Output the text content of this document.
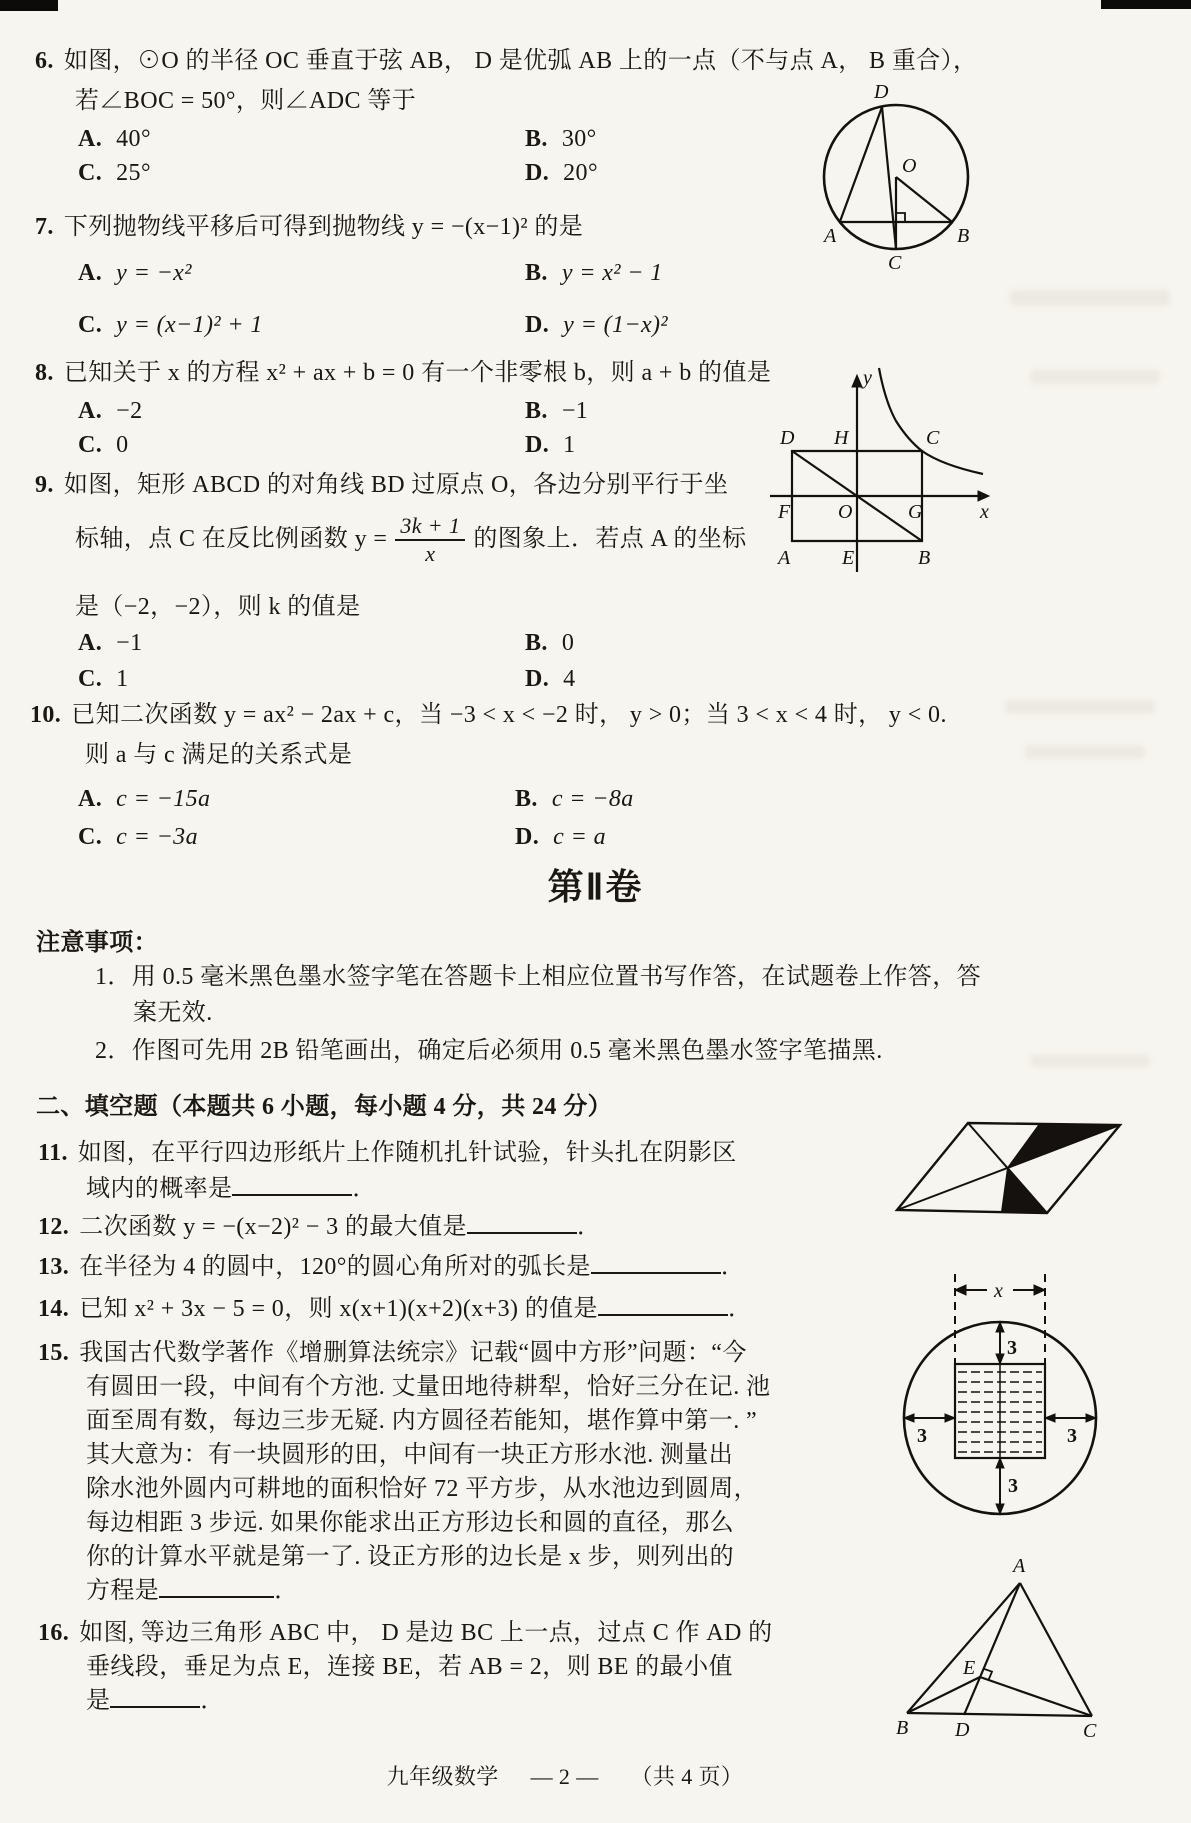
6. 如图，⊙O 的半径 OC 垂直于弦 AB， D 是优弧 AB 上的一点（不与点 A， B 重合），
若∠BOC = 50°，则∠ADC 等于
A. 40°	B. 30°
C. 25°	D. 20°
D
O
A	B
C
7. 下列抛物线平移后可得到抛物线 y = −(x−1)² 的是
A. y = −x²	B. y = x² − 1
C. y = (x−1)² + 1	D. y = (1−x)²
8. 已知关于 x 的方程 x² + ax + b = 0 有一个非零根 b，则 a + b 的值是
A. −2	B. −1
C. 0	D. 1
9. 如图，矩形 ABCD 的对角线 BD 过原点 O，各边分别平行于坐
标轴，点 C 在反比例函数 $y = \frac{3k + 1}{x}$ 的图象上．若点 A 的坐标
是（−2，−2），则 k 的值是
A. −1	B. 0
C. 1	D. 4
y
x
D H	C
F O	G
A	E	B
10. 已知二次函数 y = ax² − 2ax + c，当 −3 < x < −2 时， y > 0；当 3 < x < 4 时， y < 0.
则 a 与 c 满足的关系式是
A. c = −15a	B. c = −8a
C. c = −3a	D. c = a
第Ⅱ卷
注意事项：
1．用 0.5 毫米黑色墨水签字笔在答题卡上相应位置书写作答，在试题卷上作答，答
案无效.
2．作图可先用 2B 铅笔画出，确定后必须用 0.5 毫米黑色墨水签字笔描黑.
二、填空题（本题共 6 小题，每小题 4 分，共 24 分）
11. 如图，在平行四边形纸片上作随机扎针试验，针头扎在阴影区
域内的概率是	．
12. 二次函数 y = −(x−2)² − 3 的最大值是	．
13. 在半径为 4 的圆中，120°的圆心角所对的弧长是	．
14. 已知 x² + 3x − 5 = 0，则 x(x+1)(x+2)(x+3) 的值是	．
15. 我国古代数学著作《增删算法统宗》记载“圆中方形”问题：“今
有圆田一段，中间有个方池. 丈量田地待耕犁，恰好三分在记. 池
面至周有数，每边三步无疑. 内方圆径若能知，堪作算中第一. ”
其大意为：有一块圆形的田，中间有一块正方形水池. 测量出
除水池外圆内可耕地的面积恰好 72 平方步，从水池边到圆周，
每边相距 3 步远. 如果你能求出正方形边长和圆的直径，那么
你的计算水平就是第一了. 设正方形的边长是 x 步，则列出的
方程是	．
x
3
3	3
3
16. 如图, 等边三角形 ABC 中， D 是边 BC 上一点，过点 C 作 AD 的
垂线段，垂足为点 E，连接 BE，若 AB = 2，则 BE 的最小值
是	．
A
B	C
D
E
九年级数学 — 2 — （共 4 页）
